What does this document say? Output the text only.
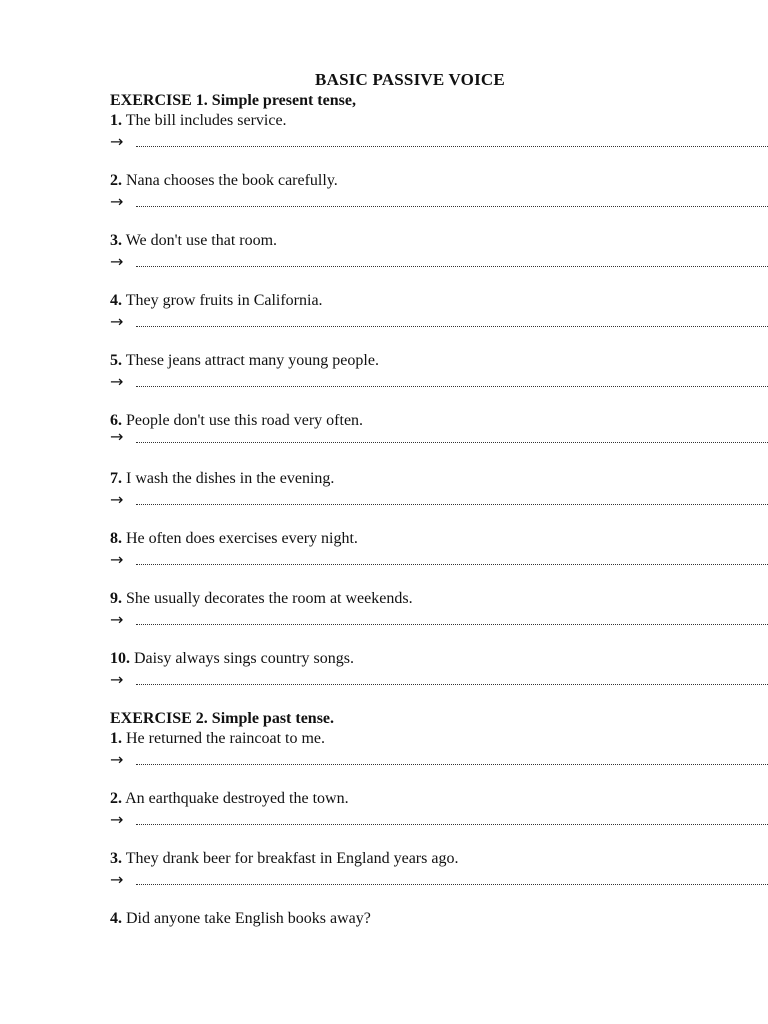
BASIC PASSIVE VOICE
EXERCISE 1. Simple present tense,
1. The bill includes service.
→
2. Nana chooses the book carefully.
→
3. We don't use that room.
→
4. They grow fruits in California.
→
5. These jeans attract many young people.
→
6. People don't use this road very often.
→
7. I wash the dishes in the evening.
→
8. He often does exercises every night.
→
9. She usually decorates the room at weekends.
→
10. Daisy always sings country songs.
→
EXERCISE 2. Simple past tense.
1. He returned the raincoat to me.
→
2. An earthquake destroyed the town.
→
3. They drank beer for breakfast in England years ago.
→
4. Did anyone take English books away?
